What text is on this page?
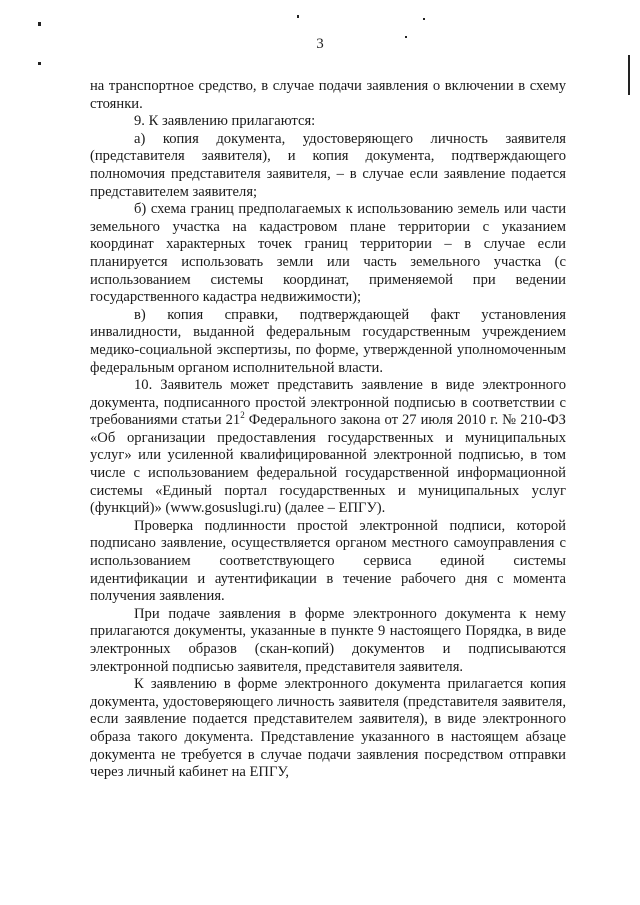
3

на транспортное средство, в случае подачи заявления о включении в схему стоянки.

9. К заявлению прилагаются:

а) копия документа, удостоверяющего личность заявителя (представителя заявителя), и копия документа, подтверждающего полномочия представителя заявителя, – в случае если заявление подается представителем заявителя;

б) схема границ предполагаемых к использованию земель или части земельного участка на кадастровом плане территории с указанием координат характерных точек границ территории – в случае если планируется использовать земли или часть земельного участка (с использованием системы координат, применяемой при ведении государственного кадастра недвижимости);

в) копия справки, подтверждающей факт установления инвалидности, выданной федеральным государственным учреждением медико-социальной экспертизы, по форме, утвержденной уполномоченным федеральным органом исполнительной власти.

10. Заявитель может представить заявление в виде электронного документа, подписанного простой электронной подписью в соответствии с требованиями статьи $21^2$ Федерального закона от 27 июля 2010 г. № 210-ФЗ «Об организации предоставления государственных и муниципальных услуг» или усиленной квалифицированной электронной подписью, в том числе с использованием федеральной государственной информационной системы «Единый портал государственных и муниципальных услуг (функций)» (www.gosuslugi.ru) (далее – ЕПГУ).

Проверка подлинности простой электронной подписи, которой подписано заявление, осуществляется органом местного самоуправления с использованием соответствующего сервиса единой системы идентификации и аутентификации в течение рабочего дня с момента получения заявления.

При подаче заявления в форме электронного документа к нему прилагаются документы, указанные в пункте 9 настоящего Порядка, в виде электронных образов (скан-копий) документов и подписываются электронной подписью заявителя, представителя заявителя.

К заявлению в форме электронного документа прилагается копия документа, удостоверяющего личность заявителя (представителя заявителя, если заявление подается представителем заявителя), в виде электронного образа такого документа. Представление указанного в настоящем абзаце документа не требуется в случае подачи заявления посредством отправки через личный кабинет на ЕПГУ,
